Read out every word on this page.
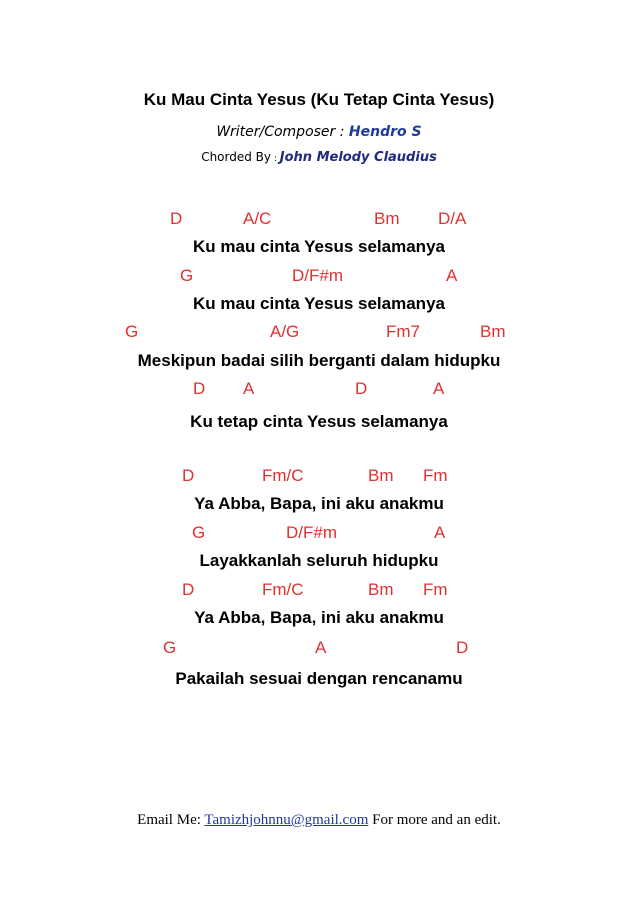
Ku Mau Cinta Yesus (Ku Tetap Cinta Yesus)
Writer/Composer : Hendro S
Chorded By : John Melody Claudius
D	A/C	Bm D/A
Ku mau cinta Yesus selamanya
G	D/F#m	A
Ku mau cinta Yesus selamanya
G	A/G	Fm7	Bm
Meskipun badai silih berganti dalam hidupku
D A	D	A
Ku tetap cinta Yesus selamanya
D	Fm/C	Bm Fm
Ya Abba, Bapa, ini aku anakmu
G	D/F#m	A
Layakkanlah seluruh hidupku
D	Fm/C	Bm Fm
Ya Abba, Bapa, ini aku anakmu
G	A	D
Pakailah sesuai dengan rencanamu
Email Me: Tamizhjohnnu@gmail.com For more and an edit.
